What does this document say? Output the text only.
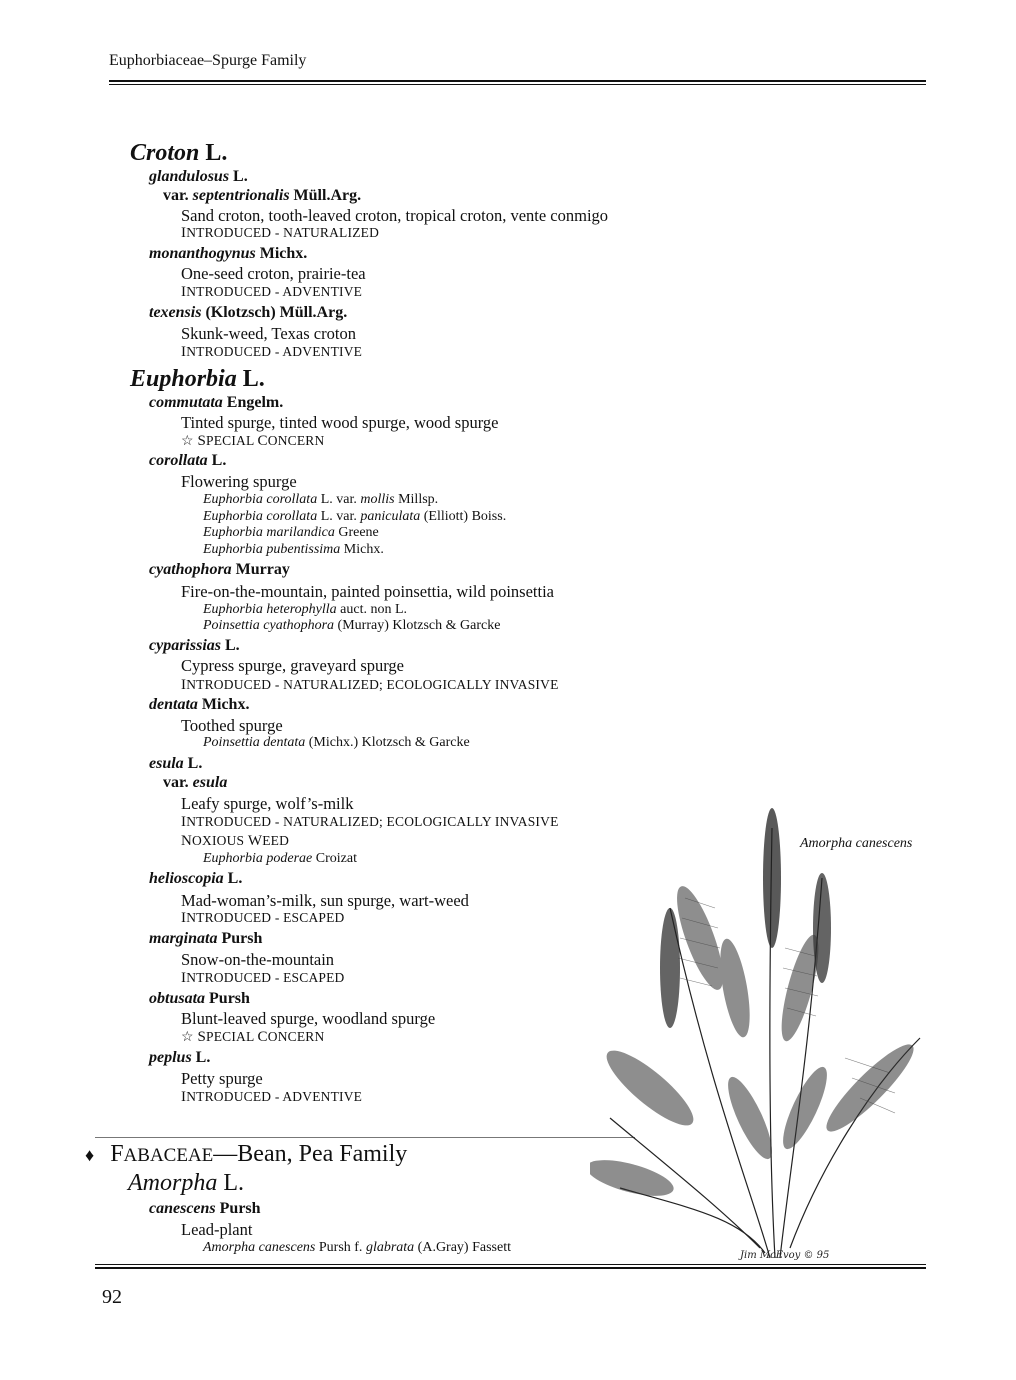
Euphorbiaceae–Spurge Family
Croton L.
glandulosus L.
var. septentrionalis Müll.Arg.
Sand croton, tooth-leaved croton, tropical croton, vente conmigo
INTRODUCED - NATURALIZED
monanthogynus Michx.
One-seed croton, prairie-tea
INTRODUCED - ADVENTIVE
texensis (Klotzsch) Müll.Arg.
Skunk-weed, Texas croton
INTRODUCED - ADVENTIVE
Euphorbia L.
commutata Engelm.
Tinted spurge, tinted wood spurge, wood spurge
☆ SPECIAL CONCERN
corollata L.
Flowering spurge
Euphorbia corollata L. var. mollis Millsp.
Euphorbia corollata L. var. paniculata (Elliott) Boiss.
Euphorbia marilandica Greene
Euphorbia pubentissima Michx.
cyathophora Murray
Fire-on-the-mountain, painted poinsettia, wild poinsettia
Euphorbia heterophylla auct. non L.
Poinsettia cyathophora (Murray) Klotzsch & Garcke
cyparissias L.
Cypress spurge, graveyard spurge
INTRODUCED - NATURALIZED; ECOLOGICALLY INVASIVE
dentata Michx.
Toothed spurge
Poinsettia dentata (Michx.) Klotzsch & Garcke
esula L.
var. esula
Leafy spurge, wolf’s-milk
INTRODUCED - NATURALIZED; ECOLOGICALLY INVASIVE
NOXIOUS WEED
Euphorbia poderae Croizat
helioscopia L.
Mad-woman’s-milk, sun spurge, wart-weed
INTRODUCED - ESCAPED
marginata Pursh
Snow-on-the-mountain
INTRODUCED - ESCAPED
obtusata Pursh
Blunt-leaved spurge, woodland spurge
☆ SPECIAL CONCERN
peplus L.
Petty spurge
INTRODUCED - ADVENTIVE
♦ FABACEAE—Bean, Pea Family
Amorpha L.
canescens Pursh
Lead-plant
Amorpha canescens Pursh f. glabrata (A.Gray) Fassett
92
Amorpha canescens
Jim McEvoy © 95
